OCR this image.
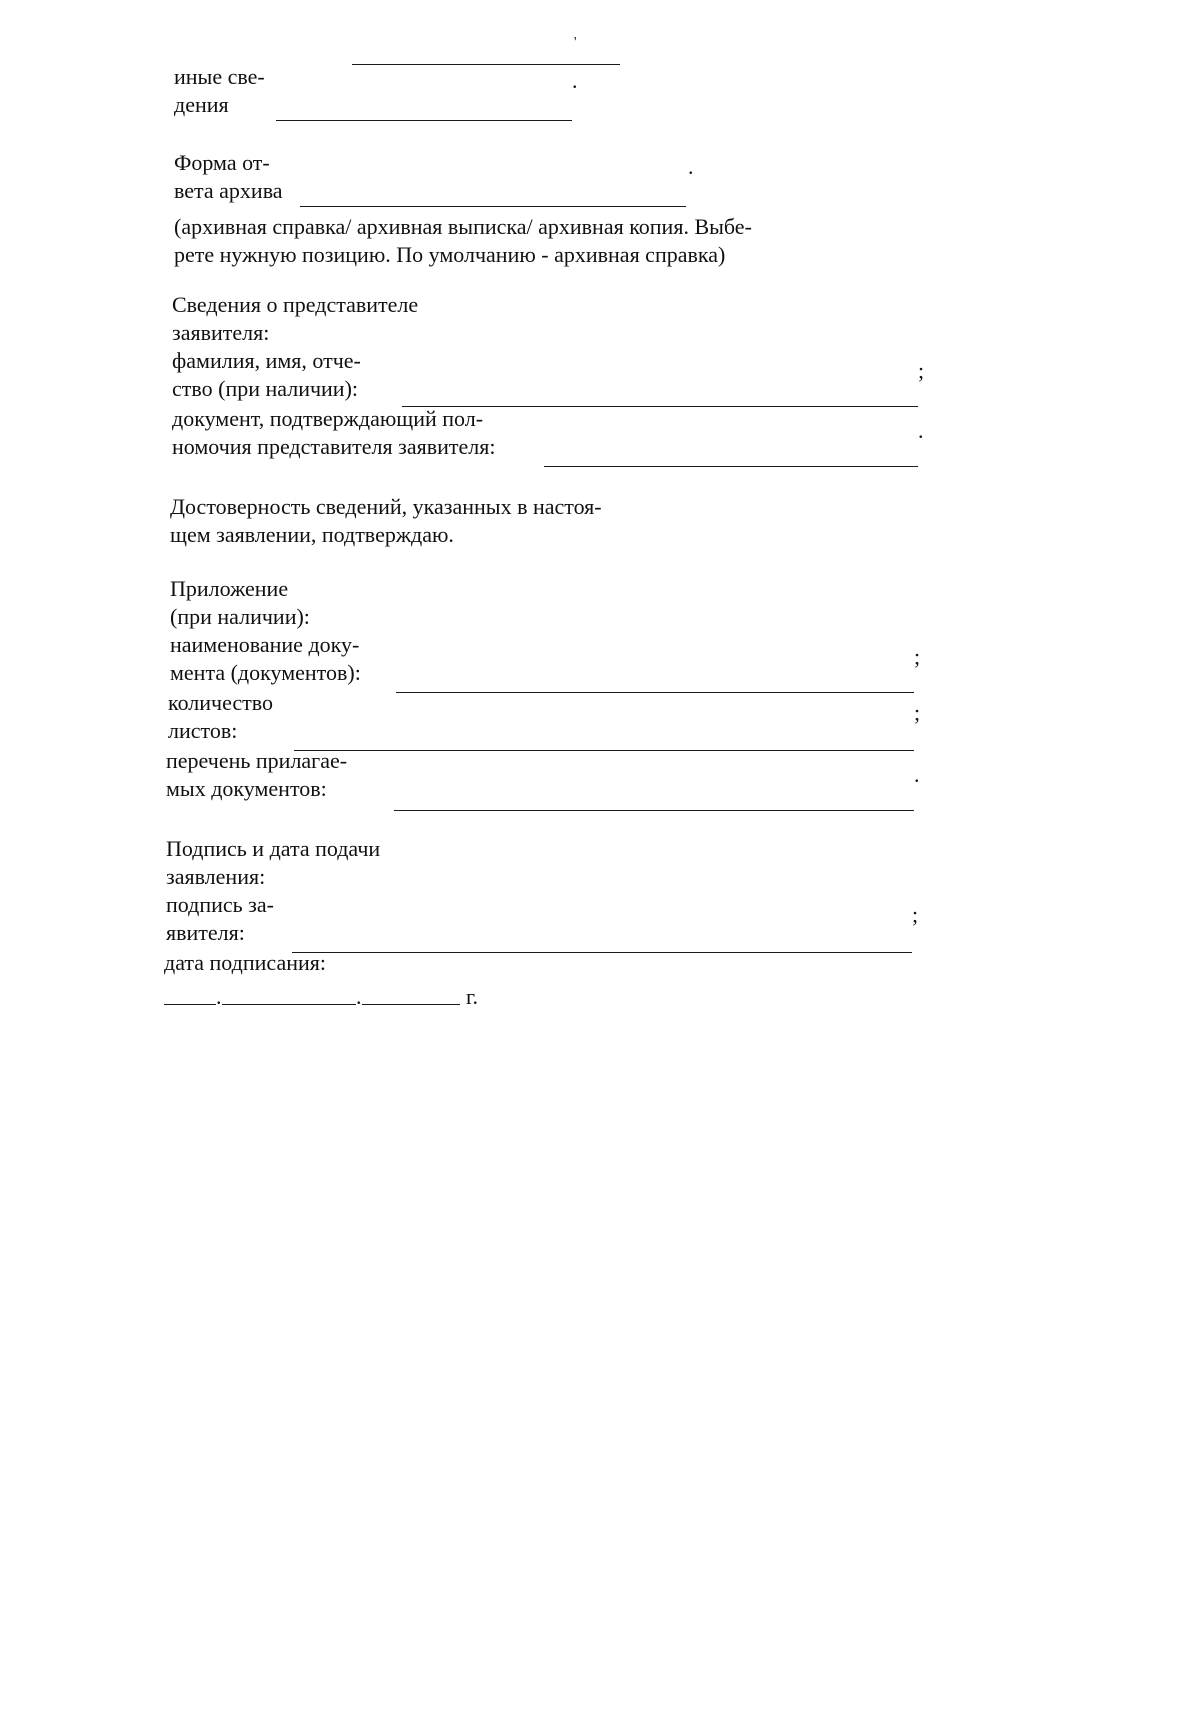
'
иные све-
дения
.
Форма от-
вета архива
.
(архивная справка/ архивная выписка/ архивная копия. Выбе-
рете нужную позицию. По умолчанию - архивная справка)
Сведения о представителе
заявителя:
фамилия, имя, отче-
ство (при наличии):
;
документ, подтверждающий пол-
номочия представителя заявителя:
.
Достоверность сведений, указанных в настоя-
щем заявлении, подтверждаю.
Приложение
(при наличии):
наименование доку-
мента (документов):
;
количество
листов:
;
перечень прилагае-
мых документов:
.
Подпись и дата подачи
заявления:
подпись за-
явителя:
;
дата подписания:
.	.	г.
